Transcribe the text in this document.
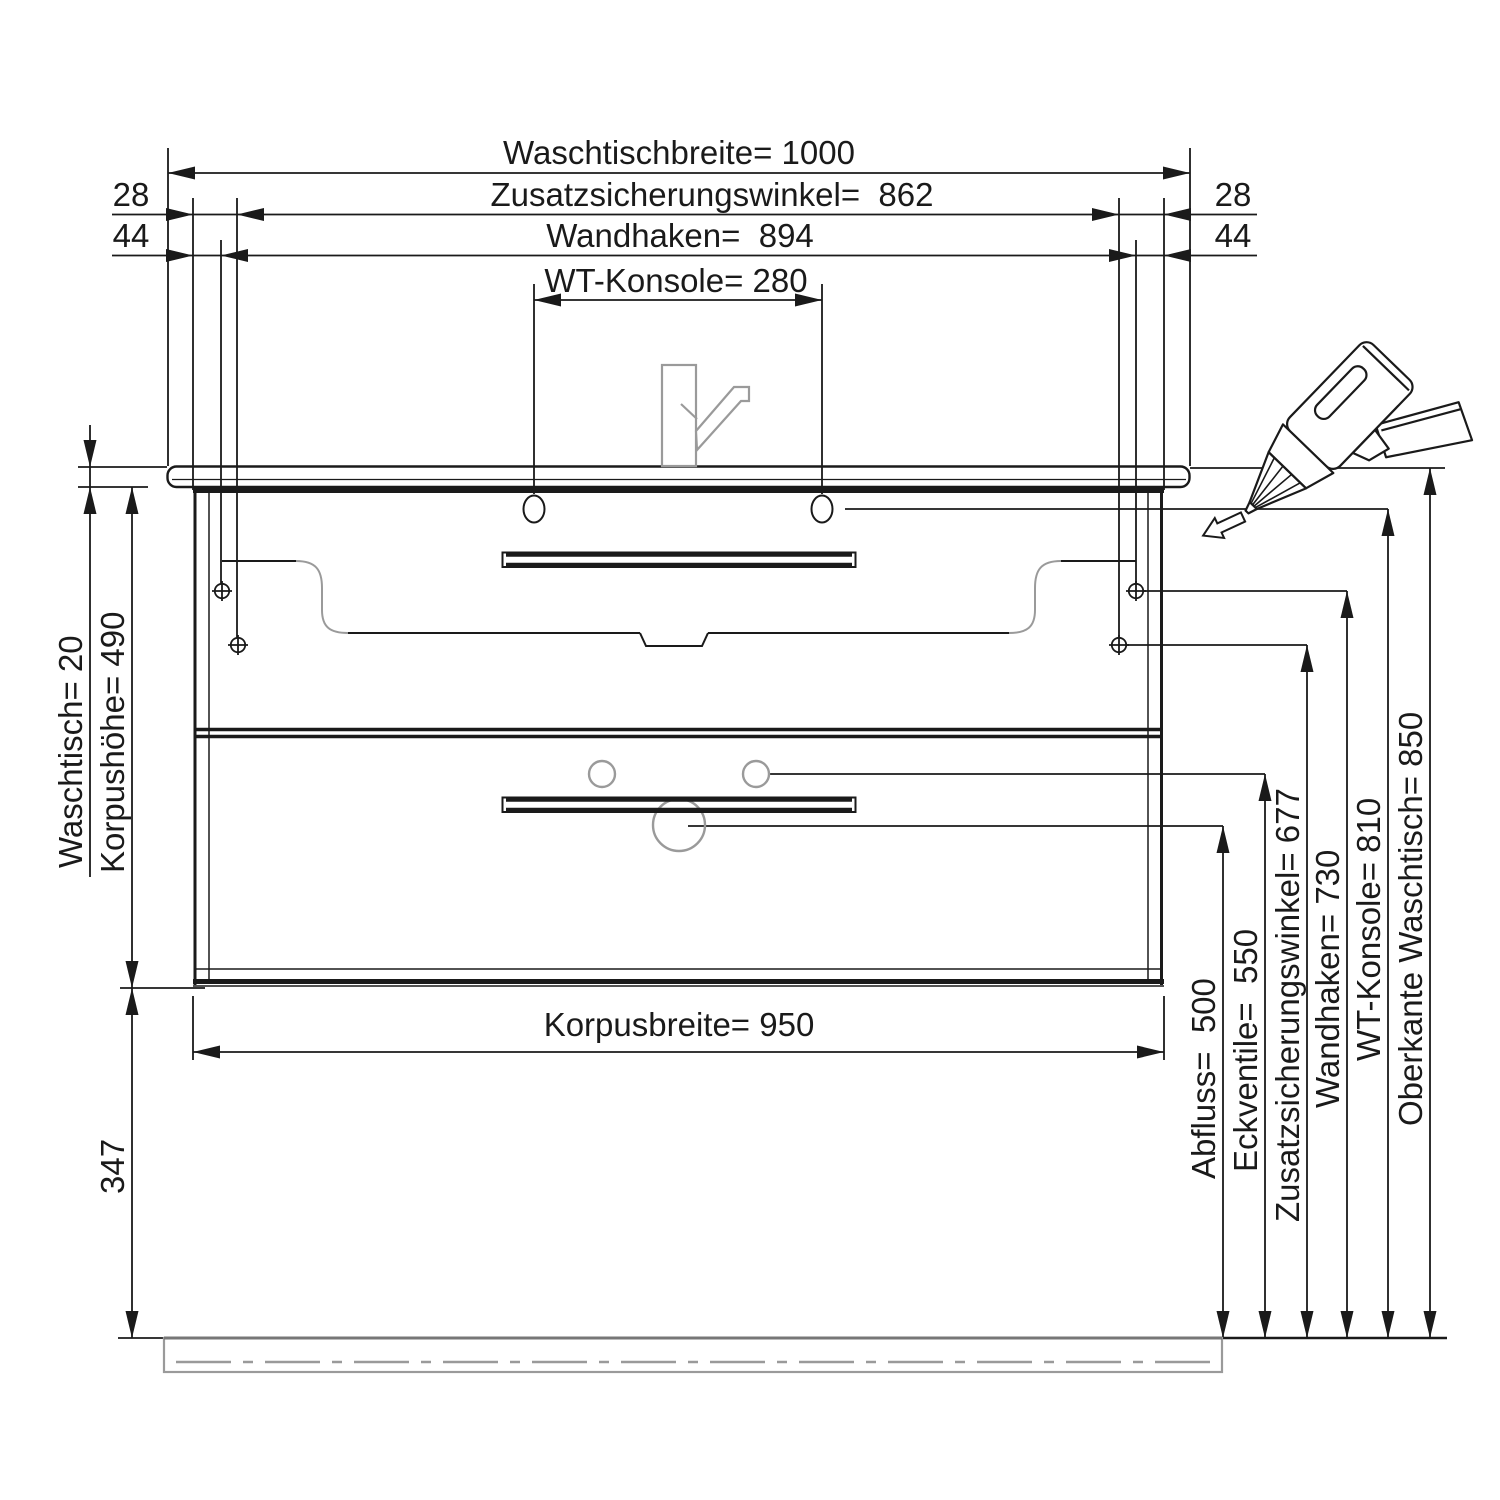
Waschtischbreite= 1000
28	Zusatzsicherungswinkel=  862	28
44	Wandhaken=  894	44
WT-Konsole= 280
Waschtisch= 20 Korpushöhe= 490
347
Korpusbreite= 950	Abfluss=  500 Eckventile=  550 Zusatzsicherungswinkel= 677 Wandhaken= 730 WT-Konsole= 810 Oberkante Waschtisch= 850
